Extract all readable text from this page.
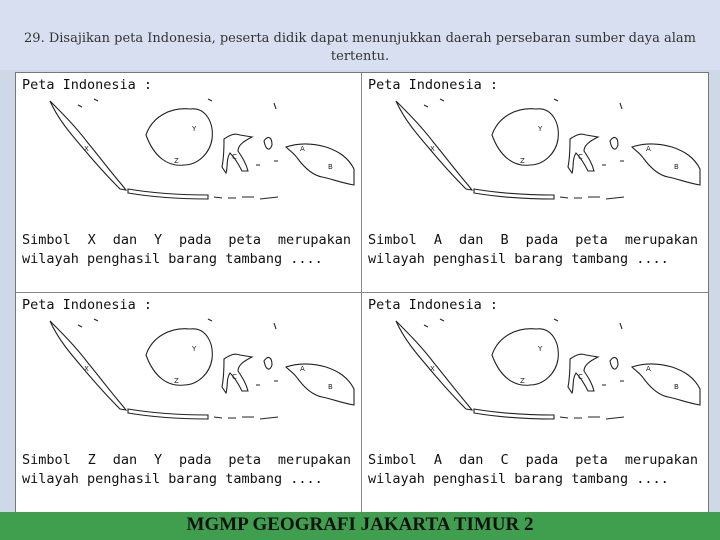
29. Disajikan peta Indonesia, peserta didik dapat menunjukkan daerah persebaran sumber daya alam tertentu.

Peta Indonesia :
X
Y
Z	C
A
B
Simbol X dan Y pada peta merupakan wilayah penghasil barang tambang ....
Peta Indonesia :
X
Y
Z	C
A
B
Simbol A dan B pada peta merupakan wilayah penghasil barang tambang ....
Peta Indonesia :
X
Y
Z	C
A
B
Simbol Z dan Y pada peta merupakan wilayah penghasil barang tambang ....
Peta Indonesia :
X
Y
Z	C
A
B
Simbol A dan C pada peta merupakan wilayah penghasil barang tambang ....
MGMP GEOGRAFI JAKARTA TIMUR 2
